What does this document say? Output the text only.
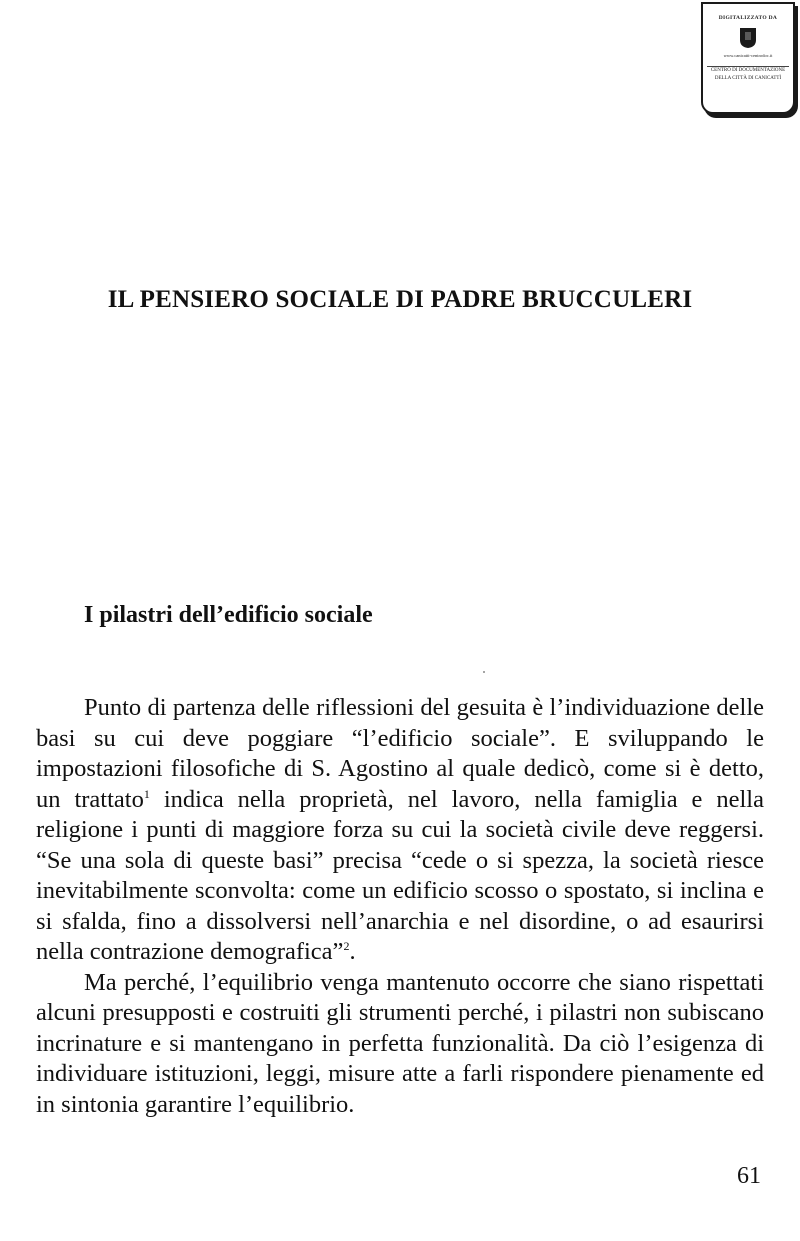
DIGITALIZZATO DA
www.canicatti-centrodoc.it
CENTRO DI DOCUMENTAZIONE
DELLA CITTÀ DI CANICATTÌ
IL PENSIERO SOCIALE DI PADRE BRUCCULERI
I pilastri dell’edificio sociale

Punto di partenza delle riflessioni del gesuita è l’individuazione delle basi su cui deve poggiare “l’edificio sociale”. E sviluppando le impostazioni filosofiche di S. Agostino al quale dedicò, come si è detto, un trattato$^1$ indica nella proprietà, nel lavoro, nella famiglia e nella religione i punti di maggiore forza su cui la società civile deve reggersi. “Se una sola di queste basi” precisa “cede o si spezza, la società riesce inevitabilmente sconvolta: come un edificio scosso o spostato, si inclina e si sfalda, fino a dissolversi nell’anarchia e nel disordine, o ad esaurirsi nella contrazione demografica”$^2$.

Ma perché, l’equilibrio venga mantenuto occorre che siano rispettati alcuni presupposti e costruiti gli strumenti perché, i pilastri non subiscano incrinature e si mantengano in perfetta funzionalità. Da ciò l’esigenza di individuare istituzioni, leggi, misure atte a farli rispondere pienamente ed in sintonia garantire l’equilibrio.

61
